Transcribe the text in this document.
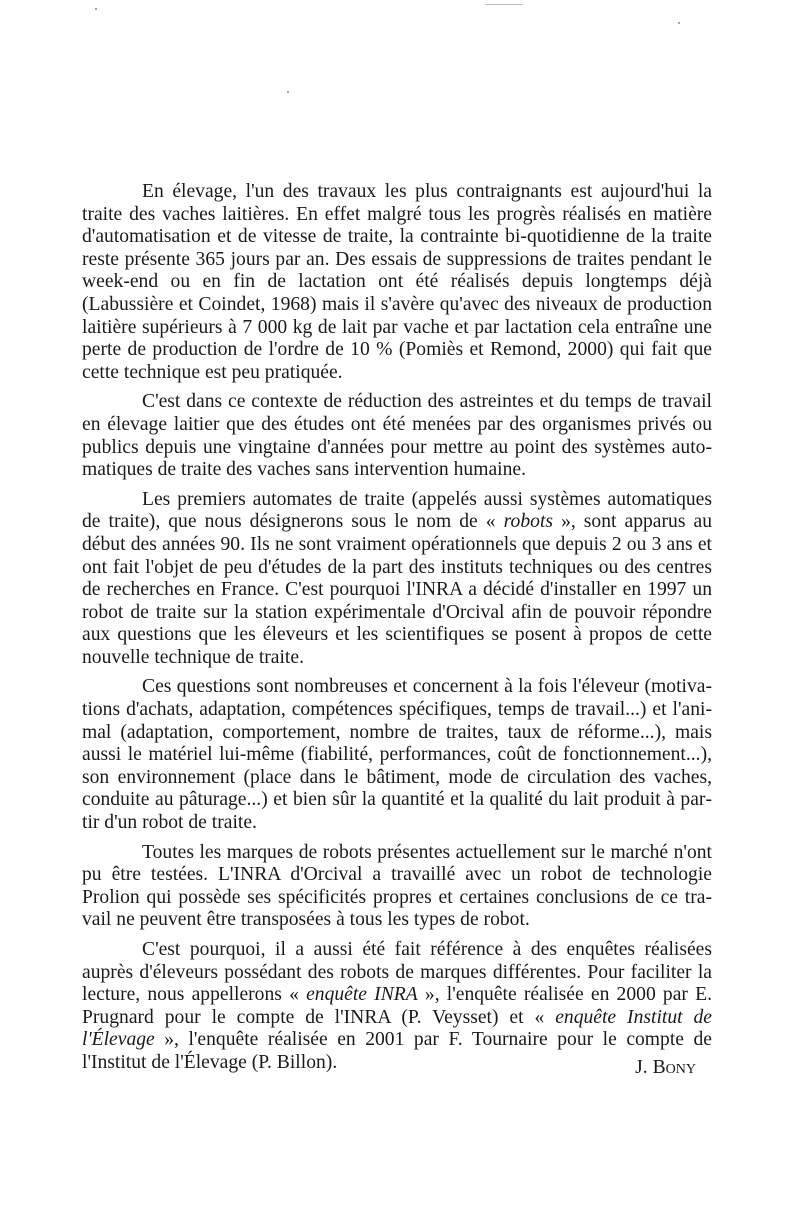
En élevage, l'un des travaux les plus contraignants est aujourd'hui la traite des vaches laitières. En effet malgré tous les progrès réalisés en matière d'automatisation et de vitesse de traite, la contrainte bi-quotidienne de la traite reste présente 365 jours par an. Des essais de suppressions de traites pendant le week-end ou en fin de lactation ont été réalisés depuis longtemps déjà (Labussière et Coindet, 1968) mais il s'avère qu'avec des niveaux de production laitière supérieurs à 7 000 kg de lait par vache et par lactation cela entraîne une perte de production de l'ordre de 10 % (Pomiès et Remond, 2000) qui fait que cette technique est peu pratiquée.

C'est dans ce contexte de réduction des astreintes et du temps de travail en élevage laitier que des études ont été menées par des organismes privés ou publics depuis une vingtaine d'années pour mettre au point des systèmes automatiques de traite des vaches sans intervention humaine.

Les premiers automates de traite (appelés aussi systèmes automatiques de traite), que nous désignerons sous le nom de « robots », sont apparus au début des années 90. Ils ne sont vraiment opérationnels que depuis 2 ou 3 ans et ont fait l'objet de peu d'études de la part des instituts techniques ou des centres de recherches en France. C'est pourquoi l'INRA a décidé d'installer en 1997 un robot de traite sur la station expérimentale d'Orcival afin de pouvoir répondre aux questions que les éleveurs et les scientifiques se posent à propos de cette nouvelle technique de traite.

Ces questions sont nombreuses et concernent à la fois l'éleveur (motivations d'achats, adaptation, compétences spécifiques, temps de travail...) et l'animal (adaptation, comportement, nombre de traites, taux de réforme...), mais aussi le matériel lui-même (fiabilité, performances, coût de fonctionnement...), son environnement (place dans le bâtiment, mode de circulation des vaches, conduite au pâturage...) et bien sûr la quantité et la qualité du lait produit à partir d'un robot de traite.

Toutes les marques de robots présentes actuellement sur le marché n'ont pu être testées. L'INRA d'Orcival a travaillé avec un robot de technologie Prolion qui possède ses spécificités propres et certaines conclusions de ce travail ne peuvent être transposées à tous les types de robot.

C'est pourquoi, il a aussi été fait référence à des enquêtes réalisées auprès d'éleveurs possédant des robots de marques différentes. Pour faciliter la lecture, nous appellerons « enquête INRA », l'enquête réalisée en 2000 par E. Prugnard pour le compte de l'INRA (P. Veysset) et « enquête Institut de l'Élevage », l'enquête réalisée en 2001 par F. Tournaire pour le compte de l'Institut de l'Élevage (P. Billon).	J. Bony
